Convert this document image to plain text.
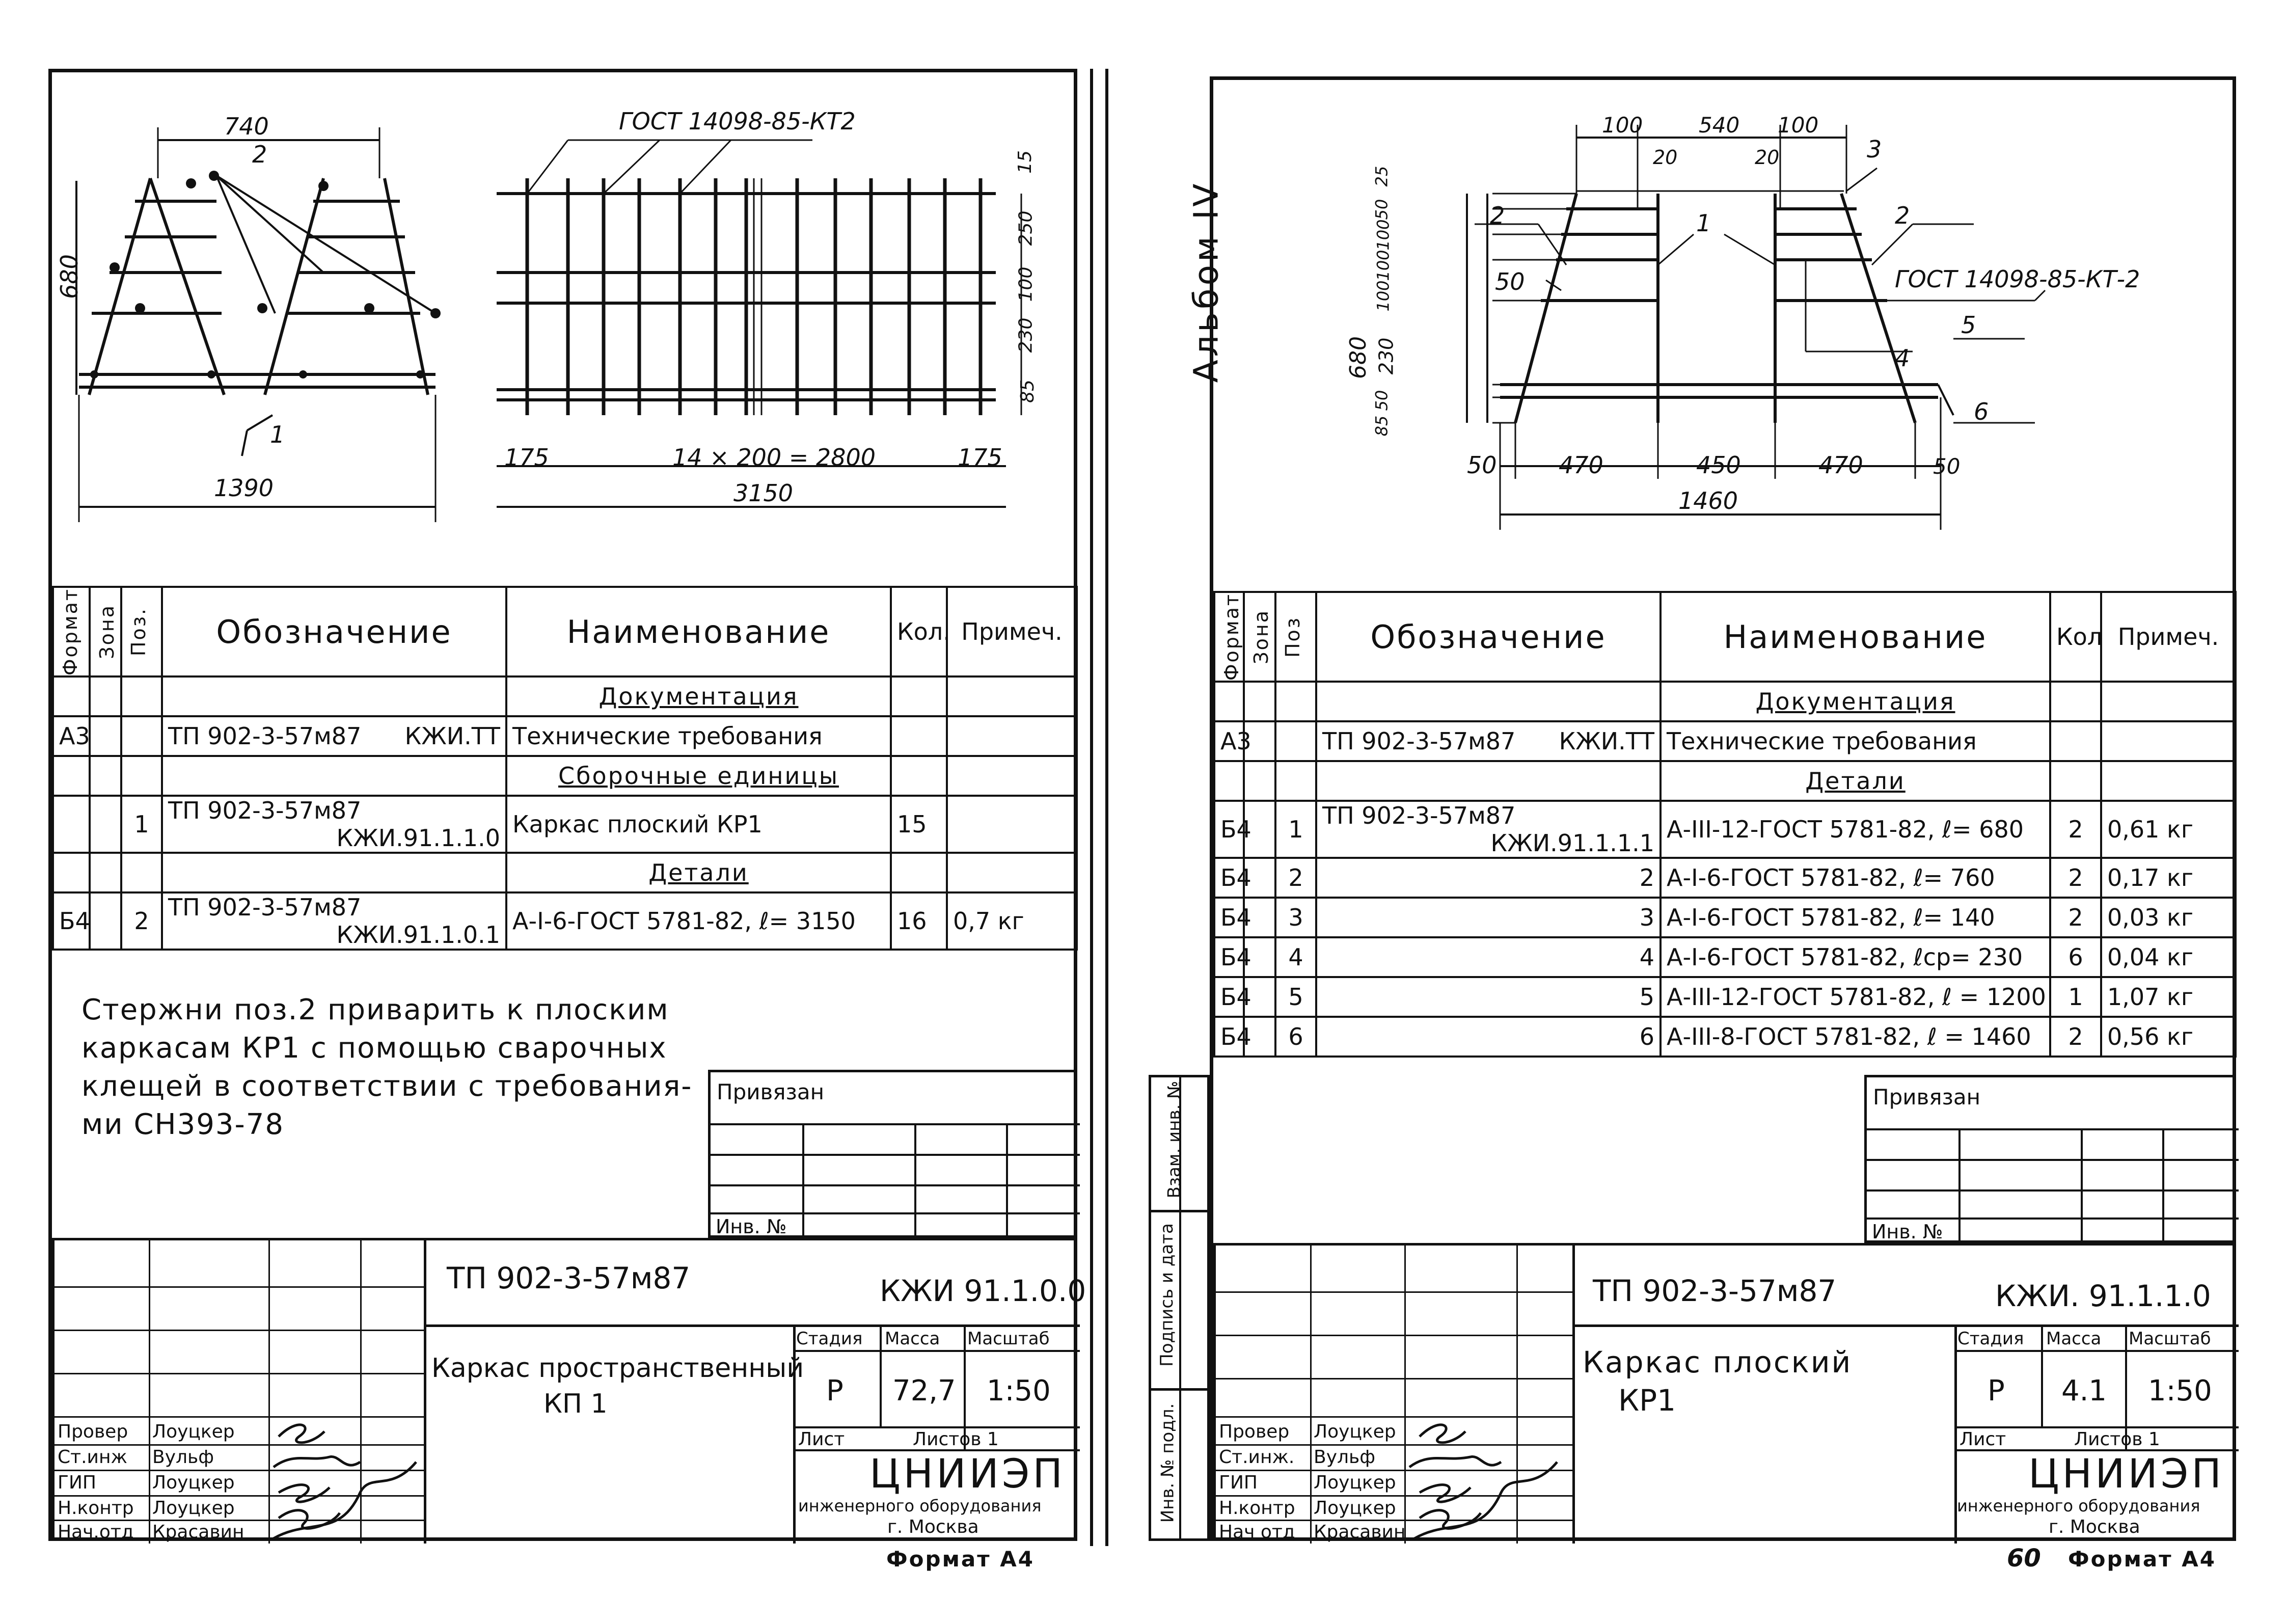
740
2
680
1390
1
ГОСТ 14098-85-КТ2
175	14 × 200 = 2800	175
3150
15
250
100
230
85
Формат	Зона	Поз.	Обозначение	Наименование	Кол.	Примеч.
				Документация		
А3			ТП 902-3-57м87 КЖИ.ТТ	Технические требования		
				Сборочные единицы		
		1	ТП 902-3-57м87
КЖИ.91.1.1.0	Каркас плоский КР1	15	
				Детали		
Б4		2	ТП 902-3-57м87
КЖИ.91.1.0.1	А-I-6-ГОСТ 5781-82, ℓ= 3150	16	0,7 кг
Стержни поз.2 приварить к плоским
каркасам КР1 с помощью сварочных
клещей в соответствии с требования-
ми СН393-78
Привязан
Инв. №
Провер Лоуцкер
Ст.инж Вульф
ГИП	Лоуцкер
Н.контр Лоуцкер
Нач.отд Красавин
ТП 902-3-57м87	КЖИ 91.1.0.0
Каркас пространственный
КП 1
Стадия Масса Масштаб
Р 72,7 1:50
Лист	Листов 1
ЦНИИЭП
инженерного оборудования
г. Москва
Формат А4
Альбом IV
Взам. инв. №
Подпись и дата
Инв. № подл.
100	540 100
20	20	3
2	1	2
50	ГОСТ 14098-85-КТ-2
5
4
6
25
50
100
100
100
230
50
85
680
50
470	450	470
50
1460
Формат	Зона	Поз	Обозначение	Наименование	Кол	Примеч.
				Документация		
А3			ТП 902-3-57м87 КЖИ.ТТ	Технические требования		
				Детали		
Б4		1	ТП 902-3-57м87
КЖИ.91.1.1.1	А-III-12-ГОСТ 5781-82, ℓ= 680	2	0,61 кг
Б4		2	2	А-I-6-ГОСТ 5781-82, ℓ= 760	2	0,17 кг
Б4		3	3	А-I-6-ГОСТ 5781-82, ℓ= 140	2	0,03 кг
Б4		4	4	А-I-6-ГОСТ 5781-82, ℓср= 230	6	0,04 кг
Б4		5	5	А-III-12-ГОСТ 5781-82, ℓ = 1200	1	1,07 кг
Б4		6	6	А-III-8-ГОСТ 5781-82, ℓ = 1460	2	0,56 кг
Привязан
Инв. №
Провер Лоуцкер
Ст.инж. Вульф
ГИП	Лоуцкер
Н.контр Лоуцкер
Нач отд Красавин
ТП 902-3-57м87	КЖИ. 91.1.1.0
Каркас плоский
КР1
Стадия Масса Масштаб
Р 4.1 1:50
Лист	Листов 1
ЦНИИЭП
инженерного оборудования
г. Москва
60 Формат А4
